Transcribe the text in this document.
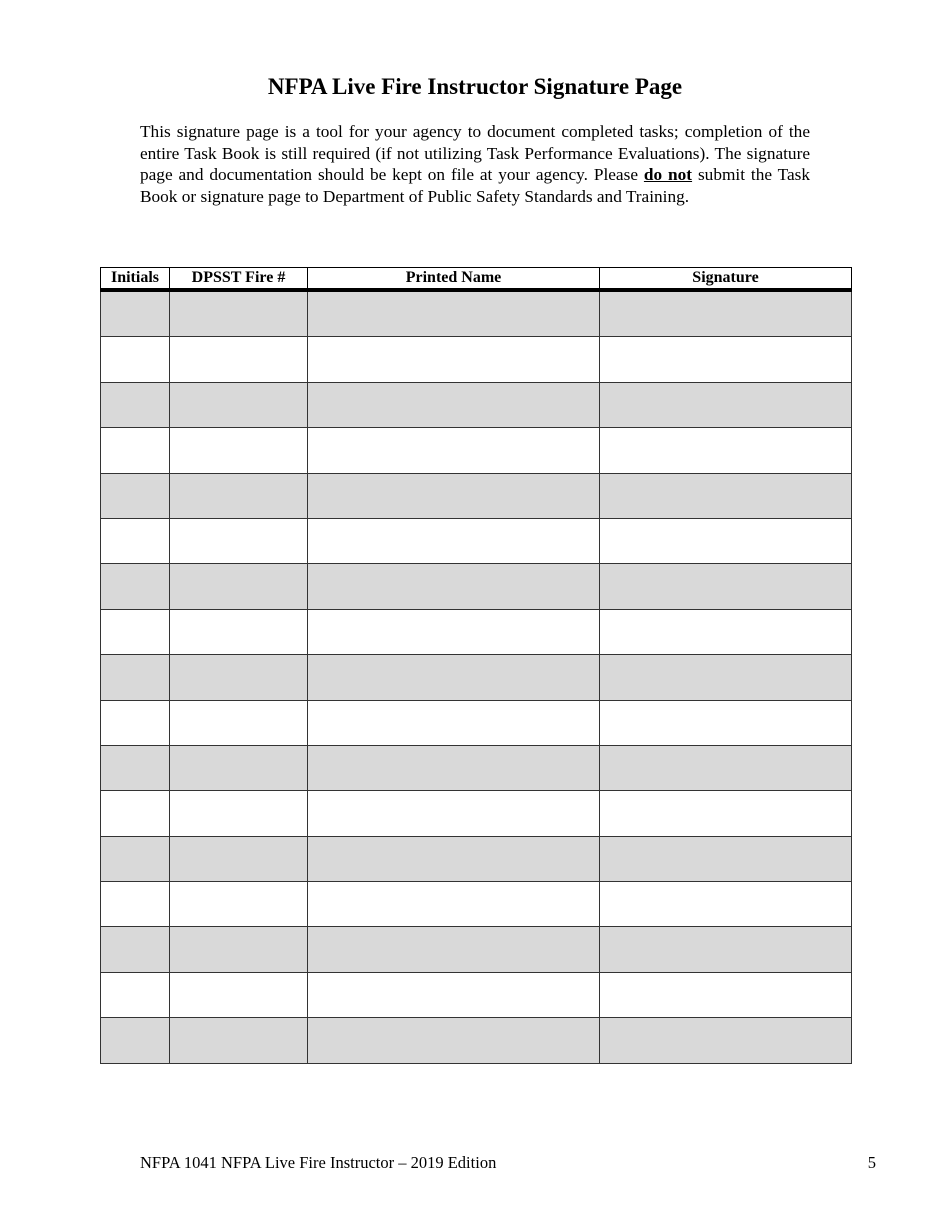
NFPA Live Fire Instructor Signature Page

This signature page is a tool for your agency to document completed tasks; completion of the entire Task Book is still required (if not utilizing Task Performance Evaluations). The signature page and documentation should be kept on file at your agency. Please do not submit the Task Book or signature page to Department of Public Safety Standards and Training.

Initials	DPSST Fire #	Printed Name	Signature

NFPA 1041 NFPA Live Fire Instructor – 2019 Edition	5
